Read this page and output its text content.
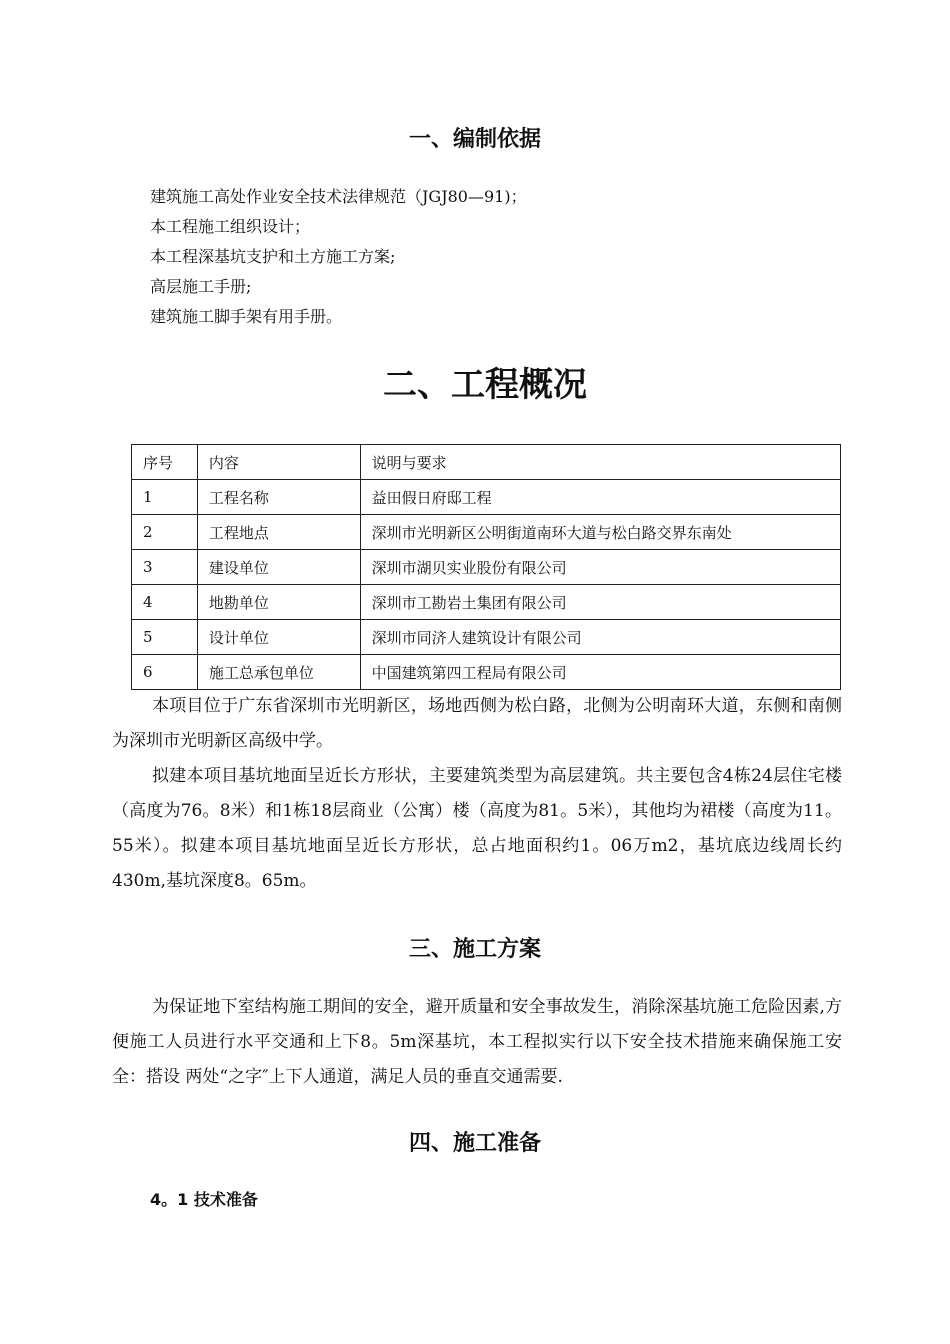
一、编制依据
建筑施工高处作业安全技术法律规范（JGJ80—91)；
本工程施工组织设计；
本工程深基坑支护和土方施工方案;
高层施工手册;
建筑施工脚手架有用手册。
二、工程概况
序号	内容	说明与要求
1	工程名称	益田假日府邸工程
2	工程地点	深圳市光明新区公明街道南环大道与松白路交界东南处
3	建设单位	深圳市湖贝实业股份有限公司
4	地勘单位	深圳市工勘岩土集团有限公司
5	设计单位	深圳市同济人建筑设计有限公司
6	施工总承包单位	中国建筑第四工程局有限公司

本项目位于广东省深圳市光明新区，场地西侧为松白路，北侧为公明南环大道，东侧和南侧为深圳市光明新区高级中学。

拟建本项目基坑地面呈近长方形状，主要建筑类型为高层建筑。共主要包含4栋24层住宅楼（高度为76。8米）和1栋18层商业（公寓）楼（高度为81。5米），其他均为裙楼（高度为11。55米）。拟建本项目基坑地面呈近长方形状，总占地面积约1。06万m2，基坑底边线周长约430m,基坑深度8。65m。

三、施工方案

为保证地下室结构施工期间的安全，避开质量和安全事故发生，消除深基坑施工危险因素,方便施工人员进行水平交通和上下8。5m深基坑，本工程拟实行以下安全技术措施来确保施工安全：搭设 两处“之字″上下人通道，满足人员的垂直交通需要.

四、施工准备
4。1 技术准备
